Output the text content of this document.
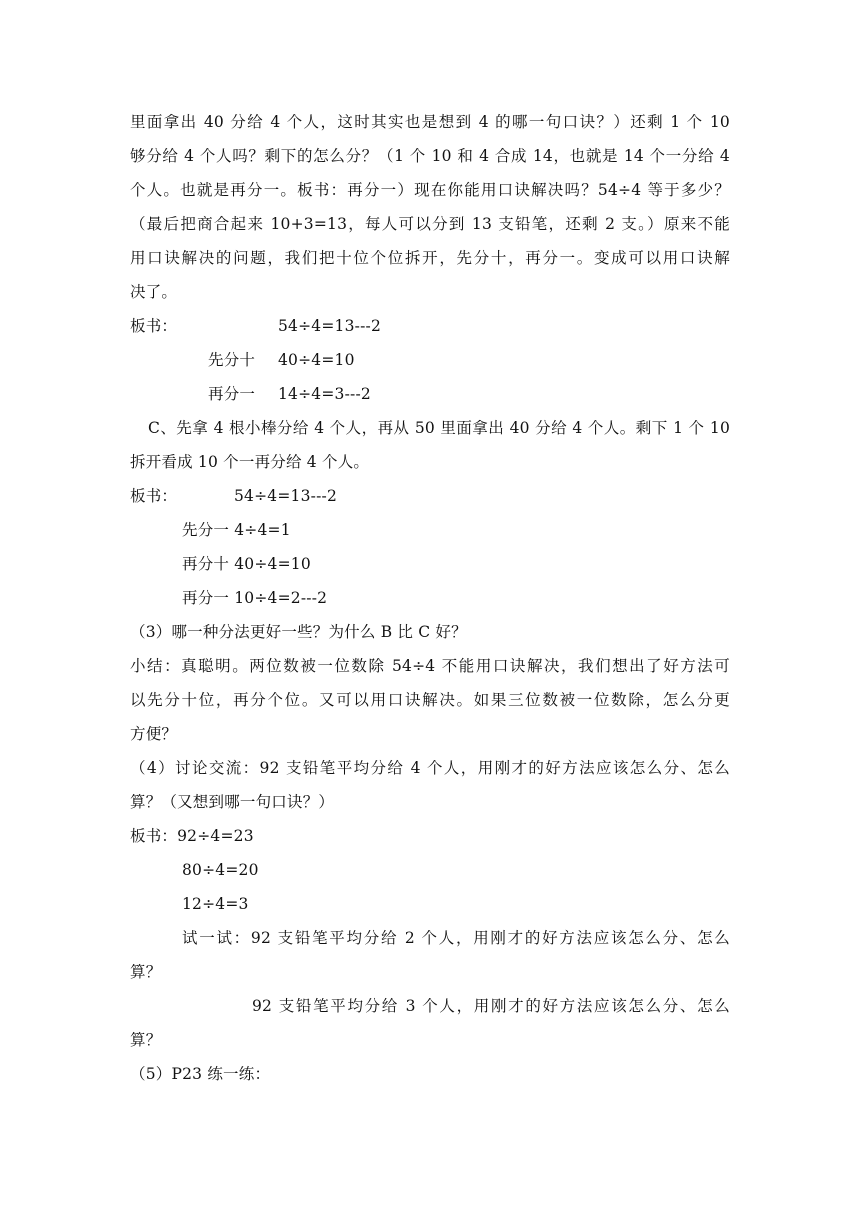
里面拿出 40 分给 4 个人，这时其实也是想到 4 的哪一句口诀？）还剩 1 个 10
够分给 4 个人吗？剩下的怎么分？（1 个 10 和 4 合成 14，也就是 14 个一分给 4
个人。也就是再分一。板书：再分一）现在你能用口诀解决吗？54÷4 等于多少？
（最后把商合起来 10+3=13，每人可以分到 13 支铅笔，还剩 2 支。）原来不能
用口诀解决的问题，我们把十位个位拆开，先分十，再分一。变成可以用口诀解
决了。
板书：	54÷4=13---2
先分十 40÷4=10
再分一 14÷4=3---2
C、先拿 4 根小棒分给 4 个人，再从 50 里面拿出 40 分给 4 个人。剩下 1 个 10
拆开看成 10 个一再分给 4 个人。
板书：	54÷4=13---2
先分一 4÷4=1
再分十 40÷4=10
再分一 10÷4=2---2
（3）哪一种分法更好一些？为什么 B 比 C 好？
小结：真聪明。两位数被一位数除 54÷4 不能用口诀解决，我们想出了好方法可
以先分十位，再分个位。又可以用口诀解决。如果三位数被一位数除，怎么分更
方便？
（4）讨论交流：92 支铅笔平均分给 4 个人，用刚才的好方法应该怎么分、怎么
算？（又想到哪一句口诀？）
板书：92÷4=23
80÷4=20
12÷4=3
试一试：92 支铅笔平均分给 2 个人，用刚才的好方法应该怎么分、怎么
算？
92 支铅笔平均分给 3 个人，用刚才的好方法应该怎么分、怎么
算？
（5）P23 练一练：
